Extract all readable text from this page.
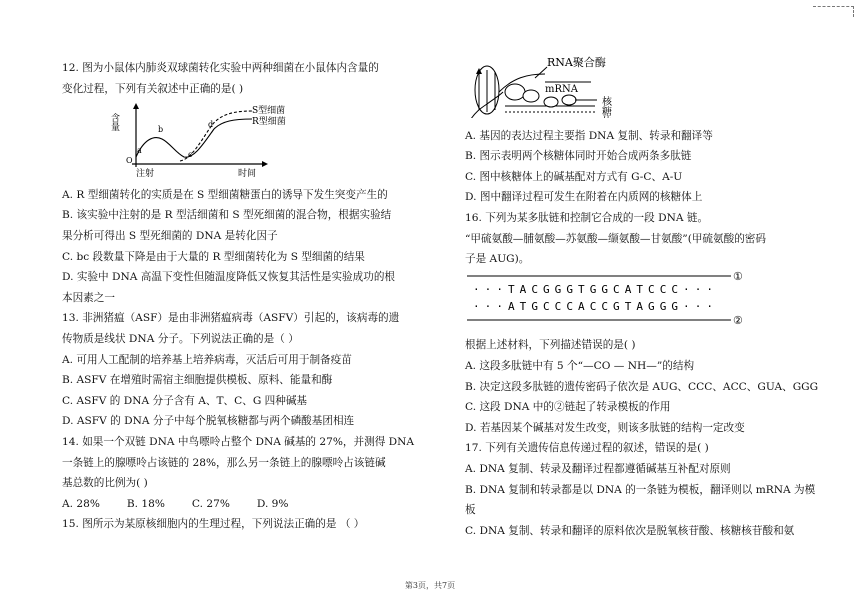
12. 图为小鼠体内肺炎双球菌转化实验中两种细菌在小鼠体内含量的

变化过程，下列有关叙述中正确的是( )

含量
O
注射	时间
a
b
c
d
S型细菌
R型细菌

A. R 型细菌转化的实质是在 S 型细菌糖蛋白的诱导下发生突变产生的

B. 该实验中注射的是 R 型活细菌和 S 型死细菌的混合物，根据实验结

果分析可得出 S 型死细菌的 DNA 是转化因子

C. bc 段数量下降是由于大量的 R 型细菌转化为 S 型细菌的结果

D. 实验中 DNA 高温下变性但随温度降低又恢复其活性是实验成功的根

本因素之一

13. 非洲猪瘟（ASF）是由非洲猪瘟病毒（ASFV）引起的，该病毒的遗

传物质是线状 DNA 分子。下列说法正确的是（ ）

A. 可用人工配制的培养基上培养病毒，灭活后可用于制备疫苗

B. ASFV 在增殖时需宿主细胞提供模板、原料、能量和酶

C. ASFV 的 DNA 分子含有 A、T、C、G 四种碱基

D. ASFV 的 DNA 分子中每个脱氧核糖都与两个磷酸基团相连

14. 如果一个双链 DNA 中鸟嘌呤占整个 DNA 碱基的 27%，并测得 DNA

一条链上的腺嘌呤占该链的 28%，那么另一条链上的腺嘌呤占该链碱

基总数的比例为( )

A. 28%        B. 18%        C. 27%        D. 9%

15. 图所示为某原核细胞内的生理过程，下列说法正确的是 （ ）

RNA聚合酶
mRNA
核糖体

A. 基因的表达过程主要指 DNA 复制、转录和翻译等

B. 图示表明两个核糖体同时开始合成两条多肽链

C. 图中核糖体上的碱基配对方式有 G-C、A-U

D. 图中翻译过程可发生在附着在内质网的核糖体上

16. 下列为某多肽链和控制它合成的一段 DNA 链。

“甲硫氨酸—脯氨酸—苏氨酸—缬氨酸—甘氨酸”(甲硫氨酸的密码

子是 AUG)。

①
②
···TACGGGTGGCATCCC···
···ATGCCCACCGTAGGG···

根据上述材料，下列描述错误的是( )

A. 这段多肽链中有 5 个“—CO — NH—”的结构

B. 决定这段多肽链的遗传密码子依次是 AUG、CCC、ACC、GUA、GGG

C. 这段 DNA 中的②链起了转录模板的作用

D. 若基因某个碱基对发生改变，则该多肽链的结构一定改变

17. 下列有关遗传信息传递过程的叙述，错误的是( )

A. DNA 复制、转录及翻译过程都遵循碱基互补配对原则

B. DNA 复制和转录都是以 DNA 的一条链为模板，翻译则以 mRNA 为模

板

C. DNA 复制、转录和翻译的原料依次是脱氧核苷酸、核糖核苷酸和氨

第3页，共7页
